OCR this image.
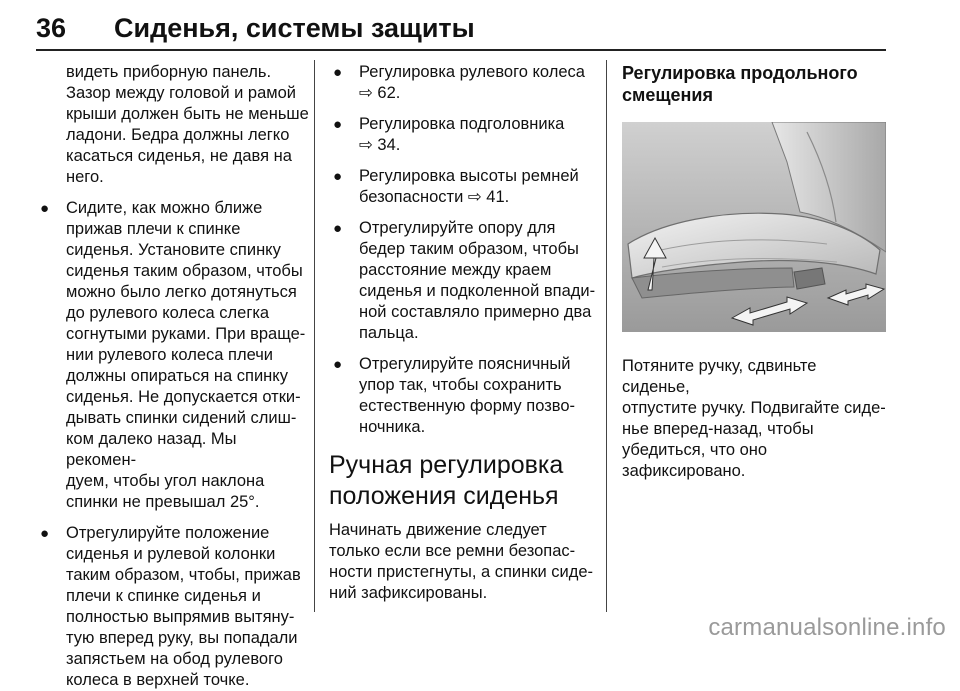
36 Сиденья, системы защиты

видеть приборную панель.
Зазор между головой и рамой
крыши должен быть не меньше
ладони. Бедра должны легко
касаться сиденья, не давя на
него.

● Сидите, как можно ближе
прижав плечи к спинке
сиденья. Установите спинку
сиденья таким образом, чтобы
можно было легко дотянуться
до рулевого колеса слегка
согнутыми руками. При враще-
нии рулевого колеса плечи
должны опираться на спинку
сиденья. Не допускается отки-
дывать спинки сидений слиш-
ком далеко назад. Мы рекомен-
дуем, чтобы угол наклона
спинки не превышал 25°.
● Отрегулируйте положение
сиденья и рулевой колонки
таким образом, чтобы, прижав
плечи к спинке сиденья и
полностью выпрямив вытяну-
тую вперед руку, вы попадали
запястьем на обод рулевого
колеса в верхней точке.
● Регулировка рулевого колеса
⇨ 62.
● Регулировка подголовника
⇨ 34.
● Регулировка высоты ремней
безопасности ⇨ 41.
● Отрегулируйте опору для
бедер таким образом, чтобы
расстояние между краем
сиденья и подколенной впади-
ной составляло примерно два
пальца.
● Отрегулируйте поясничный
упор так, чтобы сохранить
естественную форму позво-
ночника.
Ручная регулировка
положения сиденья

Начинать движение следует
только если все ремни безопас-
ности пристегнуты, а спинки сиде-
ний зафиксированы.

Регулировка продольного
смещения

Потяните ручку, сдвиньте сиденье,
отпустите ручку. Подвигайте сиде-
нье вперед-назад, чтобы
убедиться, что оно зафиксировано.

carmanualsonline.info
